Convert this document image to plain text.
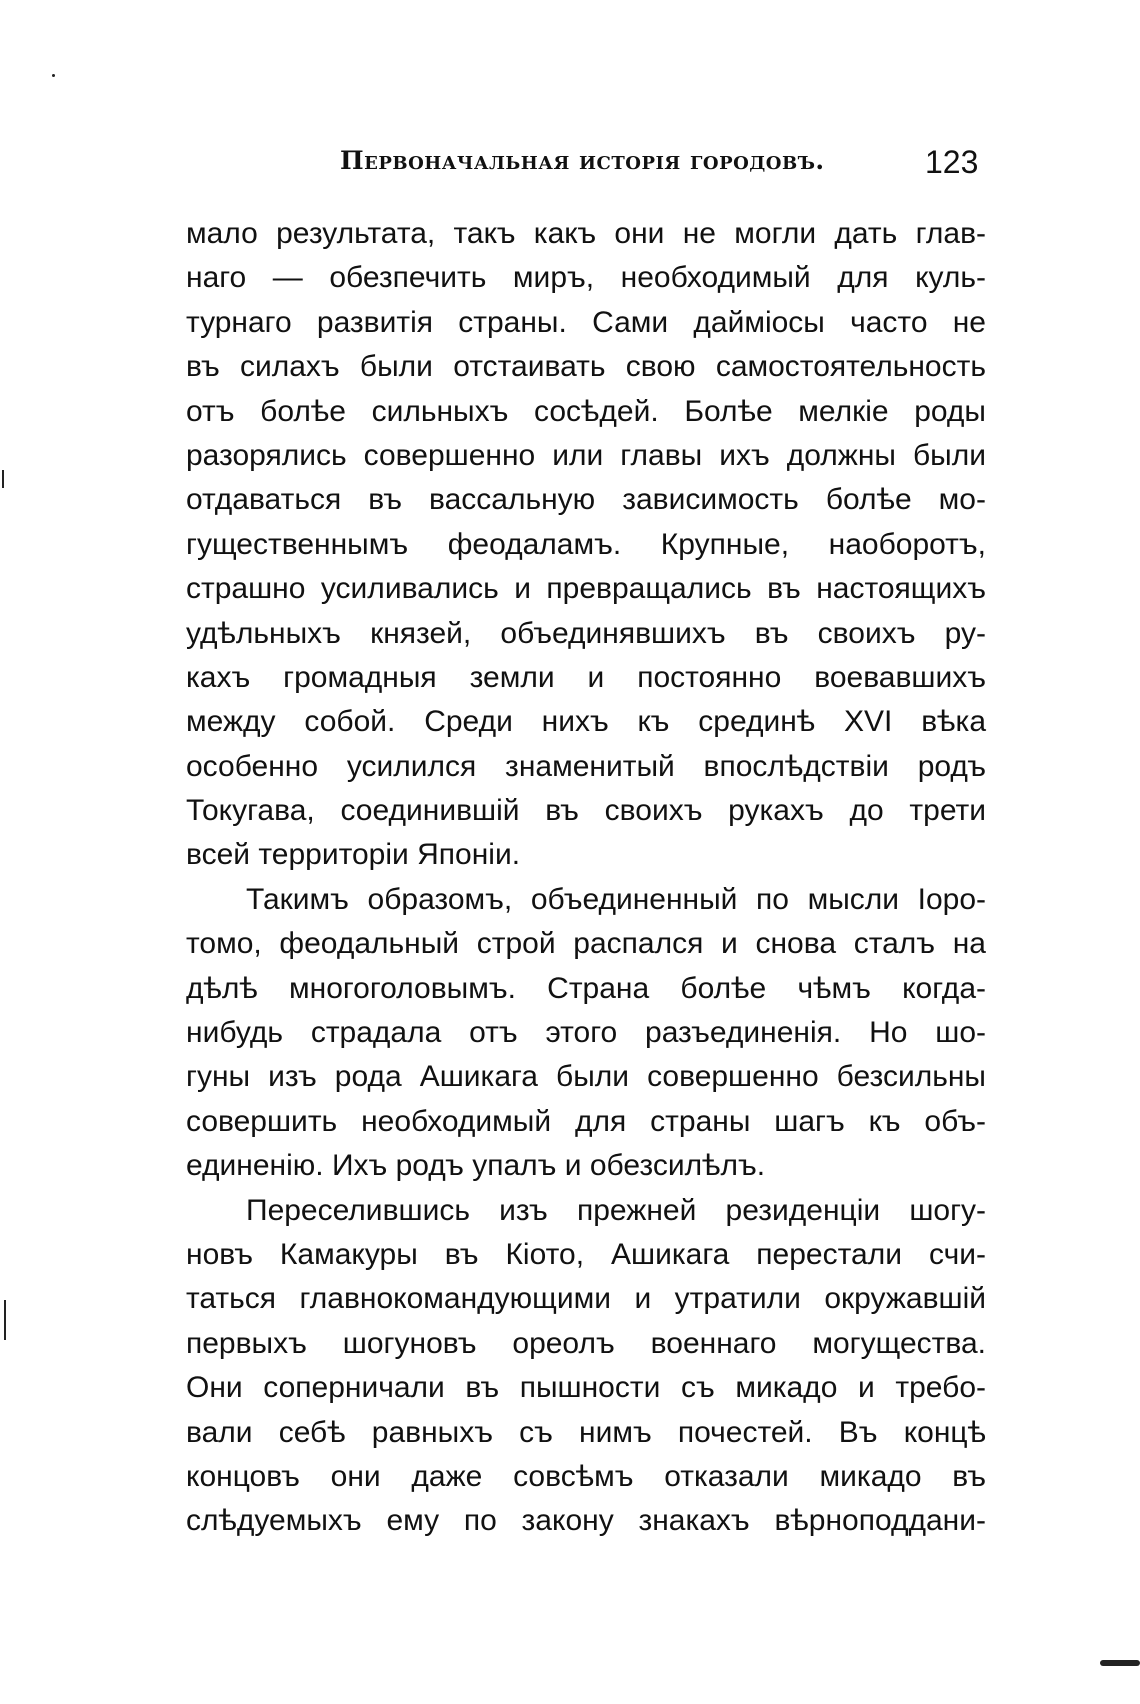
Первоначальная исторія городовъ.	123
мало результата, такъ какъ они не могли дать глав-
наго — обезпечить миръ, необходимый для куль-
турнаго развитія страны. Сами дайміосы часто не
въ силахъ были отстаивать свою самостоятельность
отъ болѣе сильныхъ сосѣдей. Болѣе мелкіе роды
разорялись совершенно или главы ихъ должны были
отдаваться въ вассальную зависимость болѣе мо-
гущественнымъ феодаламъ. Крупные, наоборотъ,
страшно усиливались и превращались въ настоящихъ
удѣльныхъ князей, объединявшихъ въ своихъ ру-
кахъ громадныя земли и постоянно воевавшихъ
между собой. Среди нихъ къ срединѣ XVI вѣка
особенно усилился знаменитый впослѣдствіи родъ
Токугава, соединившій въ своихъ рукахъ до трети
всей территоріи Японіи.
Такимъ образомъ, объединенный по мысли Іоро-
томо, феодальный строй распался и снова сталъ на
дѣлѣ многоголовымъ. Страна болѣе чѣмъ когда-
нибудь страдала отъ этого разъединенія. Но шо-
гуны изъ рода Ашикага были совершенно безсильны
совершить необходимый для страны шагъ къ объ-
единенію. Ихъ родъ упалъ и обезсилѣлъ.
Переселившись изъ прежней резиденціи шогу-
новъ Камакуры въ Кіото, Ашикага перестали счи-
таться главнокомандующими и утратили окружавшій
первыхъ шогуновъ ореолъ военнаго могущества.
Они соперничали въ пышности съ микадо и требо-
вали себѣ равныхъ съ нимъ почестей. Въ концѣ
концовъ они даже совсѣмъ отказали микадо въ
слѣдуемыхъ ему по закону знакахъ вѣрноподдани-
